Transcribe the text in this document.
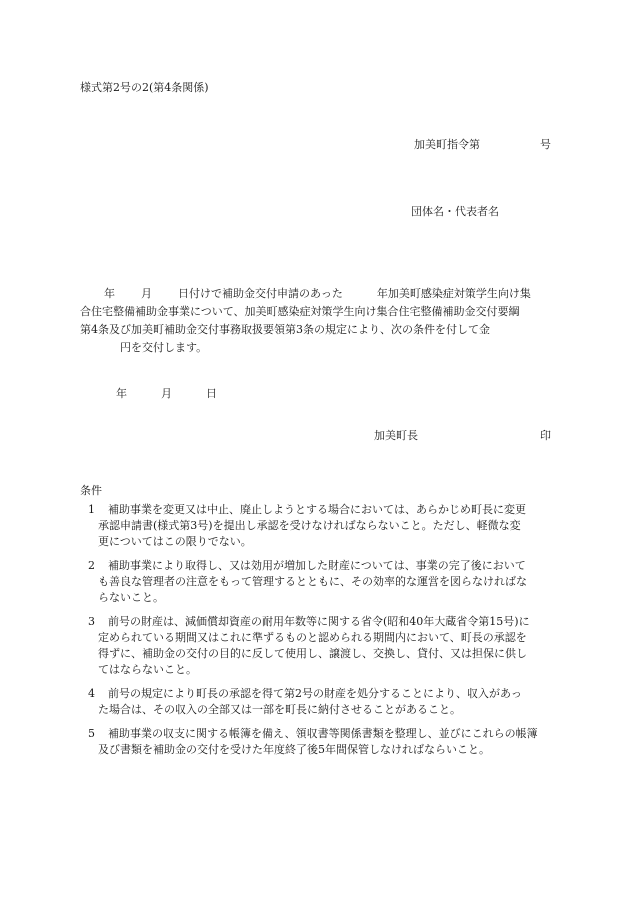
様式第2号の2(第4条関係)
加美町指令第	号
団体名・代表者名
年 月 日付けで補助金交付申請のあった	年加美町感染症対策学生向け集
合住宅整備補助金事業について、加美町感染症対策学生向け集合住宅整備補助金交付要綱
第4条及び加美町補助金交付事務取扱要領第3条の規定により、次の条件を付して金
円を交付します。
年	月	日
加美町長	印
条件
1	補助事業を変更又は中止、廃止しようとする場合においては、あらかじめ町長に変更
承認申請書(様式第3号)を提出し承認を受けなければならないこと。ただし、軽微な変
更についてはこの限りでない。
2	補助事業により取得し、又は効用が増加した財産については、事業の完了後において
も善良な管理者の注意をもって管理するとともに、その効率的な運営を図らなければな
らないこと。
3	前号の財産は、減価償却資産の耐用年数等に関する省令(昭和40年大蔵省令第15号)に
定められている期間又はこれに準ずるものと認められる期間内において、町長の承認を
得ずに、補助金の交付の目的に反して使用し、譲渡し、交換し、貸付、又は担保に供し
てはならないこと。
4	前号の規定により町長の承認を得て第2号の財産を処分することにより、収入があっ
た場合は、その収入の全部又は一部を町長に納付させることがあること。
5	補助事業の収支に関する帳簿を備え、領収書等関係書類を整理し、並びにこれらの帳簿
及び書類を補助金の交付を受けた年度終了後5年間保管しなければならいこと。
